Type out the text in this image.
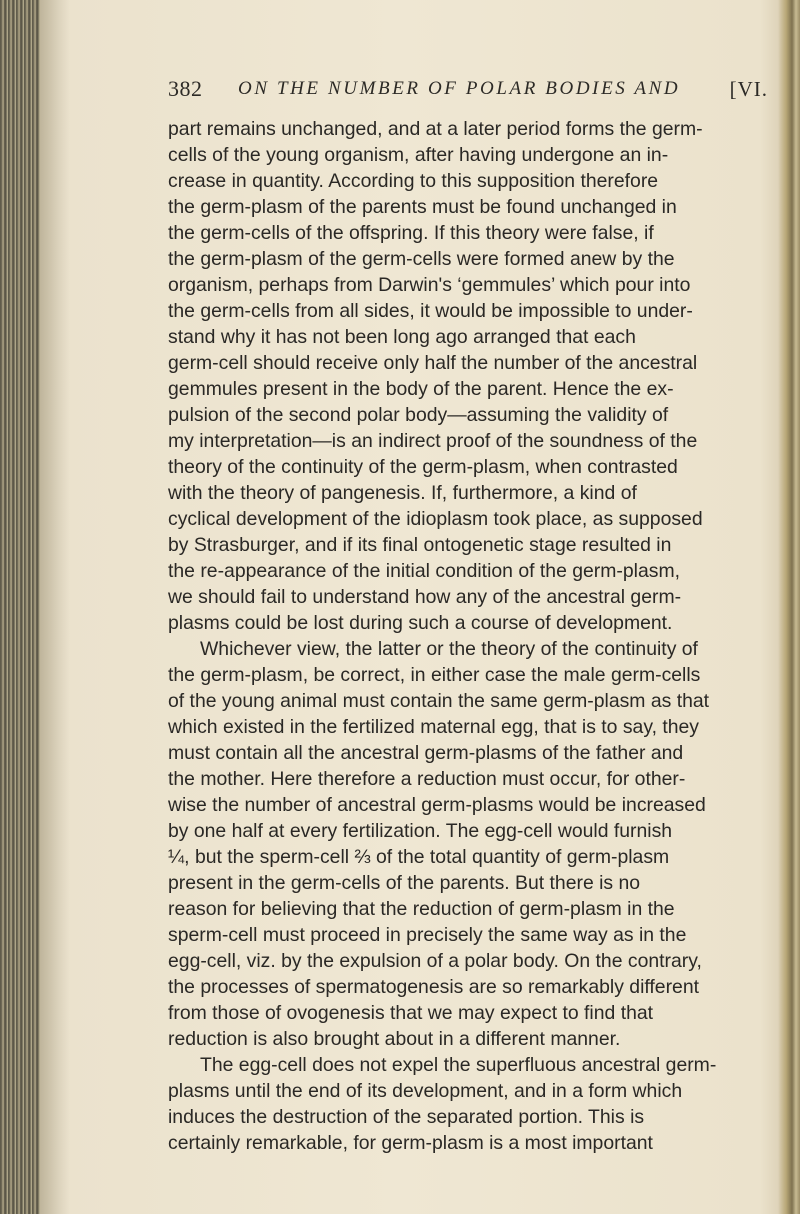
382 ON THE NUMBER OF POLAR BODIES AND [VI.
part remains unchanged, and at a later period forms the germ-
cells of the young organism, after having undergone an in-
crease in quantity. According to this supposition therefore
the germ-plasm of the parents must be found unchanged in
the germ-cells of the offspring. If this theory were false, if
the germ-plasm of the germ-cells were formed anew by the
organism, perhaps from Darwin's ‘gemmules’ which pour into
the germ-cells from all sides, it would be impossible to under-
stand why it has not been long ago arranged that each
germ-cell should receive only half the number of the ancestral
gemmules present in the body of the parent. Hence the ex-
pulsion of the second polar body—assuming the validity of
my interpretation—is an indirect proof of the soundness of the
theory of the continuity of the germ-plasm, when contrasted
with the theory of pangenesis. If, furthermore, a kind of
cyclical development of the idioplasm took place, as supposed
by Strasburger, and if its final ontogenetic stage resulted in
the re-appearance of the initial condition of the germ-plasm,
we should fail to understand how any of the ancestral germ-
plasms could be lost during such a course of development.
Whichever view, the latter or the theory of the continuity of
the germ-plasm, be correct, in either case the male germ-cells
of the young animal must contain the same germ-plasm as that
which existed in the fertilized maternal egg, that is to say, they
must contain all the ancestral germ-plasms of the father and
the mother. Here therefore a reduction must occur, for other-
wise the number of ancestral germ-plasms would be increased
by one half at every fertilization. The egg-cell would furnish
¼, but the sperm-cell ⅔ of the total quantity of germ-plasm
present in the germ-cells of the parents. But there is no
reason for believing that the reduction of germ-plasm in the
sperm-cell must proceed in precisely the same way as in the
egg-cell, viz. by the expulsion of a polar body. On the contrary,
the processes of spermatogenesis are so remarkably different
from those of ovogenesis that we may expect to find that
reduction is also brought about in a different manner.
The egg-cell does not expel the superfluous ancestral germ-
plasms until the end of its development, and in a form which
induces the destruction of the separated portion. This is
certainly remarkable, for germ-plasm is a most important
